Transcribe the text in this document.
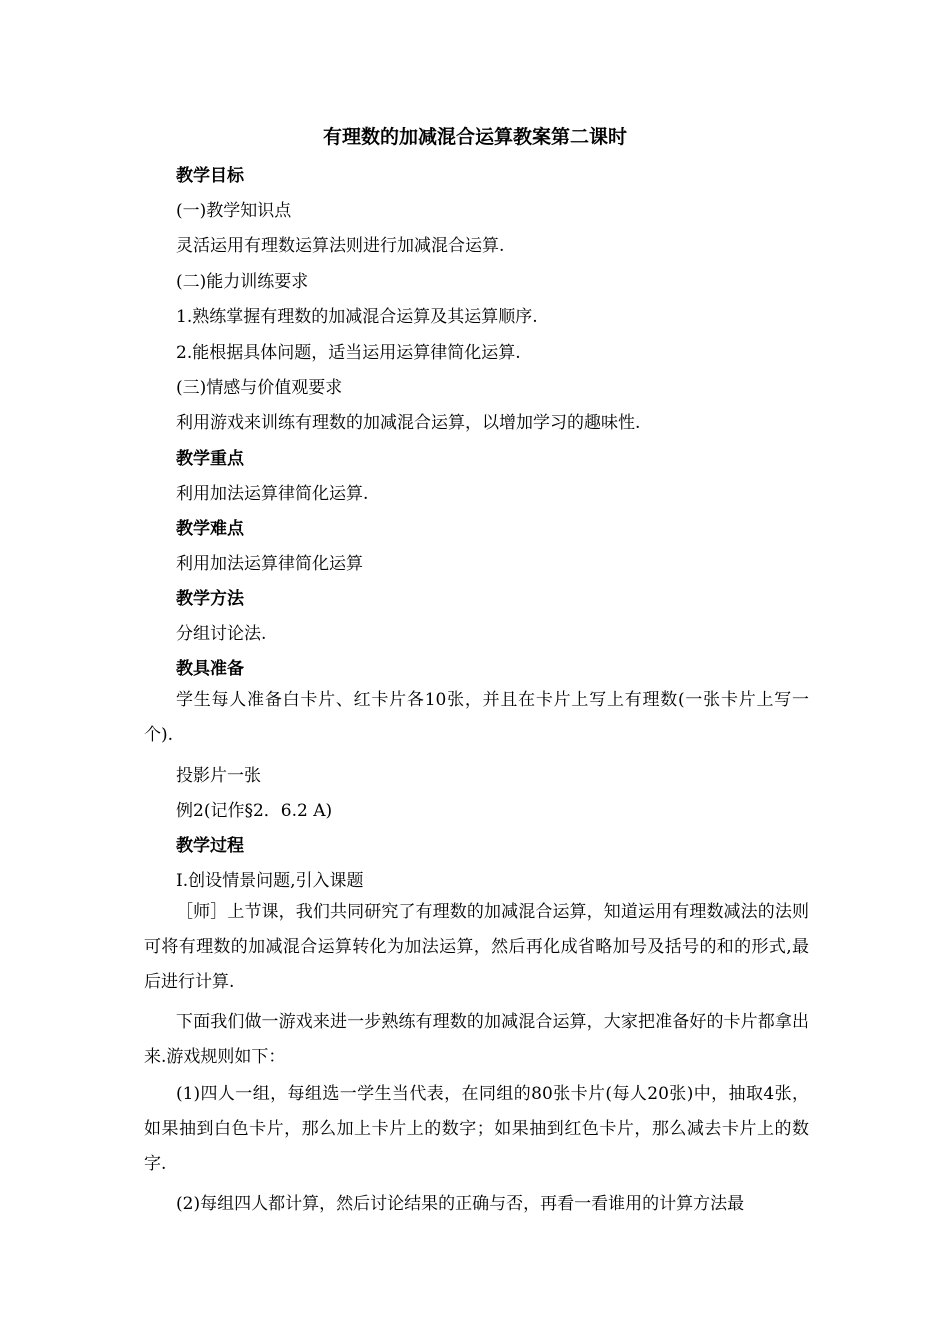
有理数的加减混合运算教案第二课时
教学目标
(一)教学知识点
灵活运用有理数运算法则进行加减混合运算.
(二)能力训练要求
1.熟练掌握有理数的加减混合运算及其运算顺序.
2.能根据具体问题，适当运用运算律简化运算.
(三)情感与价值观要求
利用游戏来训练有理数的加减混合运算，以增加学习的趣味性.
教学重点
利用加法运算律简化运算.
教学难点
利用加法运算律简化运算
教学方法
分组讨论法.
教具准备
学生每人准备白卡片、红卡片各10张，并且在卡片上写上有理数(一张卡片上写一个).
投影片一张
例2(记作§2．6.2 A)
教学过程
Ⅰ.创设情景问题,引入课题
［师］上节课，我们共同研究了有理数的加减混合运算，知道运用有理数减法的法则可将有理数的加减混合运算转化为加法运算，然后再化成省略加号及括号的和的形式,最后进行计算.
下面我们做一游戏来进一步熟练有理数的加减混合运算，大家把准备好的卡片都拿出来.游戏规则如下：
(1)四人一组，每组选一学生当代表，在同组的80张卡片(每人20张)中，抽取4张，如果抽到白色卡片，那么加上卡片上的数字；如果抽到红色卡片，那么减去卡片上的数字.
(2)每组四人都计算，然后讨论结果的正确与否，再看一看谁用的计算方法最
